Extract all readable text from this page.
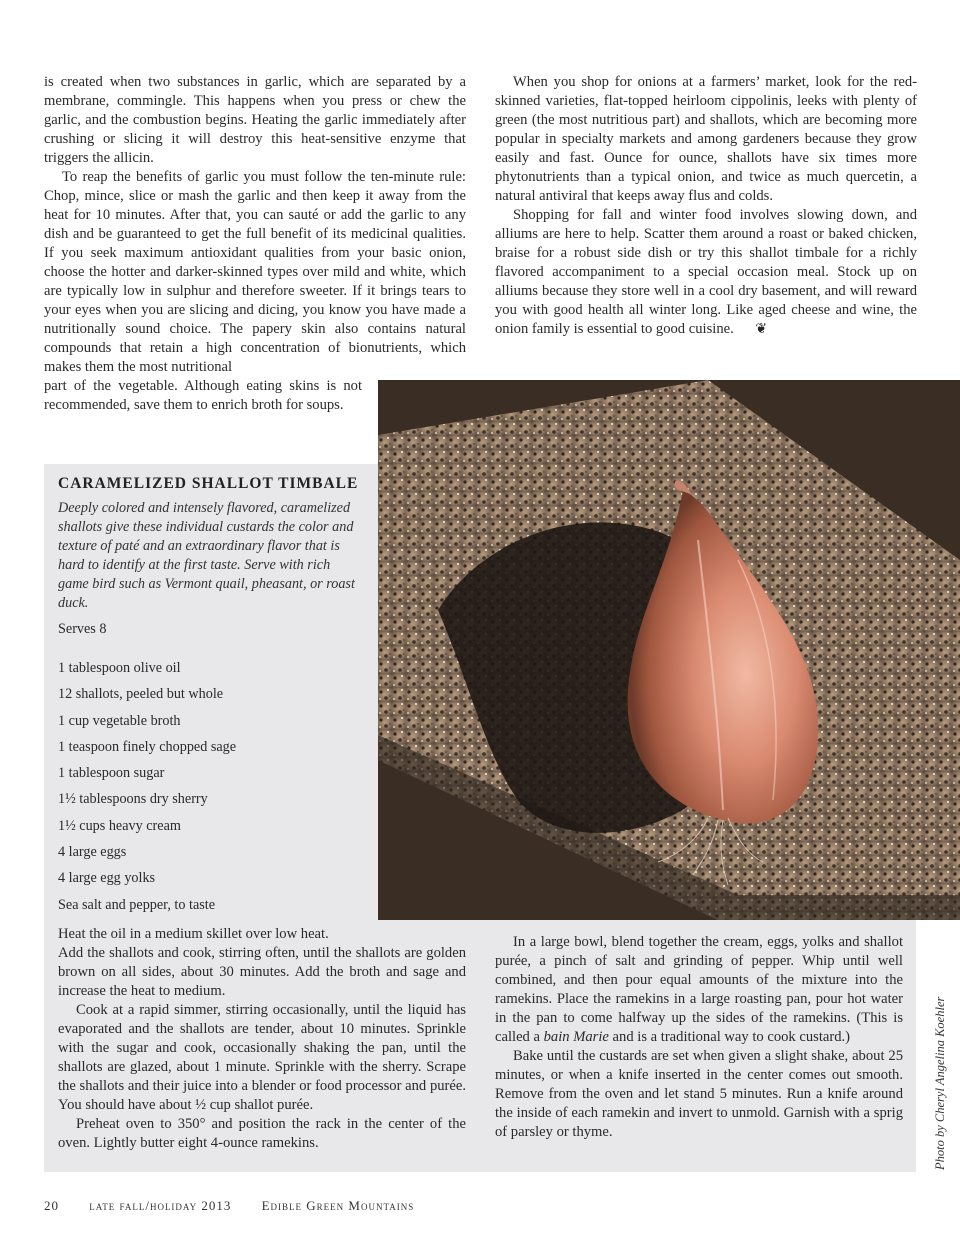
is created when two substances in garlic, which are separated by a membrane, commingle. This happens when you press or chew the garlic, and the combustion begins. Heating the garlic immediately after crushing or slicing it will destroy this heat-sensitive enzyme that triggers the allicin.

To reap the benefits of garlic you must follow the ten-minute rule: Chop, mince, slice or mash the garlic and then keep it away from the heat for 10 minutes. After that, you can sauté or add the garlic to any dish and be guaranteed to get the full benefit of its medicinal qualities. If you seek maximum antioxidant qualities from your basic onion, choose the hotter and darker-skinned types over mild and white, which are typically low in sulphur and therefore sweeter. If it brings tears to your eyes when you are slicing and dicing, you know you have made a nutritionally sound choice. The papery skin also contains natural compounds that retain a high concentration of bionutrients, which makes them the most nutritional

part of the vegetable. Although eating skins is not recommended, save them to enrich broth for soups.

When you shop for onions at a farmers’ market, look for the red-skinned varieties, flat-topped heirloom cippolinis, leeks with plenty of green (the most nutritious part) and shallots, which are becoming more popular in specialty markets and among gardeners because they grow easily and fast. Ounce for ounce, shallots have six times more phytonutrients than a typical onion, and twice as much quercetin, a natural antiviral that keeps away flus and colds.

Shopping for fall and winter food involves slowing down, and alliums are here to help. Scatter them around a roast or baked chicken, braise for a robust side dish or try this shallot timbale for a richly flavored accompaniment to a special occasion meal. Stock up on alliums because they store well in a cool dry basement, and will reward you with good health all winter long. Like aged cheese and wine, the onion family is essential to good cuisine. ❦

CARAMELIZED SHALLOT TIMBALE

Deeply colored and intensely flavored, caramelized shallots give these individual custards the color and texture of paté and an extraordinary flavor that is hard to identify at the first taste. Serve with rich game bird such as Vermont quail, pheasant, or roast duck.

Serves 8

1 tablespoon olive oil
12 shallots, peeled but whole
1 cup vegetable broth
1 teaspoon finely chopped sage
1 tablespoon sugar
1½ tablespoons dry sherry
1½ cups heavy cream
4 large eggs
4 large egg yolks
Sea salt and pepper, to taste

Heat the oil in a medium skillet over low heat.

Add the shallots and cook, stirring often, until the shallots are golden brown on all sides, about 30 minutes. Add the broth and sage and increase the heat to medium.

Cook at a rapid simmer, stirring occasionally, until the liquid has evaporated and the shallots are tender, about 10 minutes. Sprinkle with the sugar and cook, occasionally shaking the pan, until the shallots are glazed, about 1 minute. Sprinkle with the sherry. Scrape the shallots and their juice into a blender or food processor and purée. You should have about ½ cup shallot purée.

Preheat oven to 350° and position the rack in the center of the oven. Lightly butter eight 4-ounce ramekins.

In a large bowl, blend together the cream, eggs, yolks and shallot purée, a pinch of salt and grinding of pepper. Whip until well combined, and then pour equal amounts of the mixture into the ramekins. Place the ramekins in a large roasting pan, pour hot water in the pan to come halfway up the sides of the ramekins. (This is called a bain Marie and is a traditional way to cook custard.)

Bake until the custards are set when given a slight shake, about 25 minutes, or when a knife inserted in the center comes out smooth. Remove from the oven and let stand 5 minutes. Run a knife around the inside of each ramekin and invert to unmold. Garnish with a sprig of parsley or thyme.	Photo by Cheryl Angelina Koehler
20 late fall/holiday 2013 Edible Green Mountains
